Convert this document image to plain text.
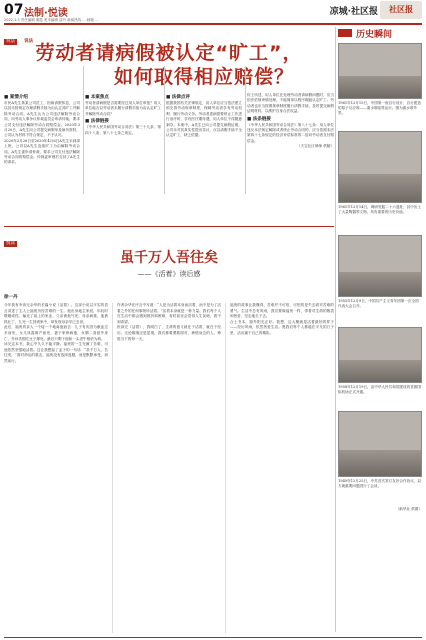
07 法制·悦读	凉城·社区报	社区报
2022.1.3 责任编辑 秦霞 美术编辑 邵丹 新闻热线 … 邮箱 …
说法 说法
劳动者请病假被认定“旷工”，
如何取得相应赔偿？
■ 案情介绍

市民A先生系某公司员工，因病请假休息，公司以其未按规定办理请假手续为由认定其旷工并解除劳动合同。A先生认为公司违法解除劳动合同，向劳动人事争议仲裁委员会申请仲裁，要求公司支付违法解除劳动合同赔偿金。2020年3月20日，A先生向公司提交病假单及病历资料，公司认为材料不符合规定，不予认可。

2020年3月26日至2020年4月6日A先生未到岗上班，公司以A先生连续旷工为由解除劳动合同。A先生遂申请仲裁，要求公司支付违法解除劳动合同的赔偿金。仲裁委审理后支持了A先生的请求。

■ 本案焦点

劳动者请病假是否需要经过用人单位审批？用人单位能否以劳动者未履行请假手续为由认定旷工并解除劳动合同？

■ 法律链接

《中华人民共和国劳动合同法》第三十九条、第四十八条、第八十七条之规定。

■ 法律点评

根据我国有关法律规定，用人单位应当依法建立和完善劳动规章制度，保障劳动者享有劳动权利、履行劳动义务。劳动者患病需要停止工作进行治疗时，享有医疗期待遇，用人单位不得随意剥夺。本案中，A先生已向公司提交病假证明，公司未对其真实性提出异议，仅以请假手续不全认定旷工，缺乏依据。

综上所述，用人单位在处理劳动者请病假问题时，应当依法依规审慎处理，不能简单以程序瑕疵认定旷工；劳动者也应当按照规章制度履行请假手续，及时提交病假证明材料，以维护自身合法权益。

■ 法条链接

《中华人民共和国劳动合同法》第八十七条：用人单位违反本法规定解除或者终止劳动合同的，应当依照本法第四十七条规定的经济补偿标准的二倍向劳动者支付赔偿金。

（天宝社区律师 供稿）

历史瞬间
1961年12月15日，中国第一座自行设计、自行建造的原子反应堆——重水堆临界运行。图为重水堆外景。
1961年12月14日，调研发掘二十六遗址，其中出土了大量陶器等文物，具有重要的历史价值。
1955年12月9日，中国共产主义青年团第一次全国代表大会召开。
1958年12月19日，由中华人民共和国建设的首都国际机场正式开通。
1949年12月25日，中苏首次签订友好合作协议，双方就重要问题进行了会谈。
（新华社 供图）
悦读
虽千万人吾往矣
——《活着》读后感
徐一丹

今年我有幸读完余华的长篇小说《活着》。这部小说以平实的语言讲述了主人公福贵历经苦难的一生。他出身地主家庭，年轻时嗜赌成性，输光了祖上的家业，父亲被他气死，母亲病重，他被抓壮丁，九死一生回到家中，却发现母亲早已去世。

此后，福贵的亲人一个接一个地离他而去：儿子有庆因为献血过多而死，女儿凤霞难产而死，妻子家珍病逝，女婿二喜意外身亡，外孙苦根吃豆子撑死。最后只剩下他和一头老牛相依为命。

读完这本书，我心中久久不能平静。福贵的一生充满了苦难，可他依然坚强地活着。这让我想起了孟子的一句话：“虽千万人，吾往矣。”面对命运的重击，福贵没有选择逃避，而是默默承受，坦然前行。

作者余华在序言中写道：“人是为活着本身而活着，而不是为了活着之外的任何事物所活着。”活着本身就是一种力量。我们每个人在生活中都会遇到挫折和困难，有时甚至会觉得人生灰暗，看不到希望。

但读完《活着》，我明白了，生命的意义就在于活着，就在于经历。无论顺境还是逆境，我们都要勇敢面对，珍惜身边的人，珍惜当下的每一天。

福贵的故事让我懂得，苦难并不可怕，可怕的是失去面对苦难的勇气。生活中总有风雨，我们要像福贵一样，带着对生命的敬畏和热爱，坚定地走下去。

合上书本，窗外阳光正好。我想，这大概就是活着最好的样子——经历风雨，依然热爱生活。愿我们每个人都能在平凡的日子里，活出属于自己的精彩。
